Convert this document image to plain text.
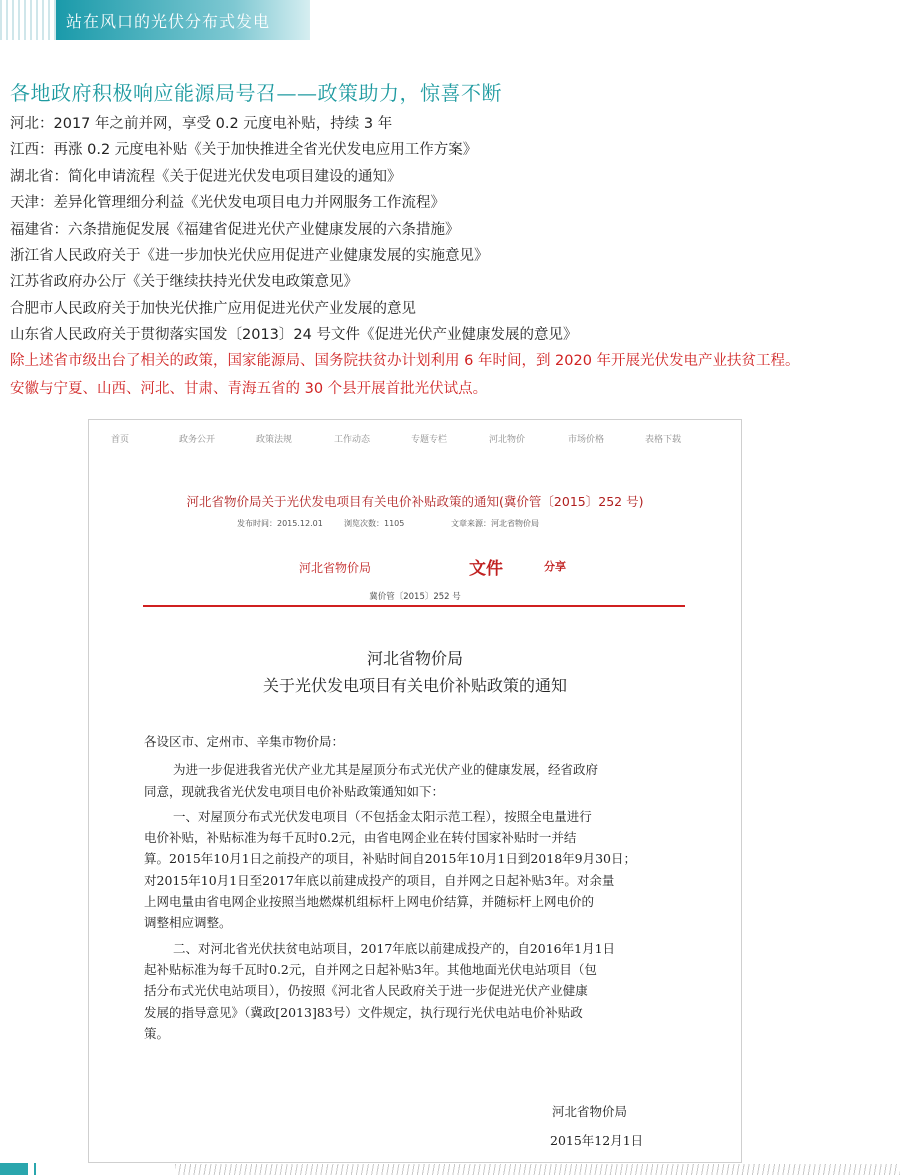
站在风口的光伏分布式发电
各地政府积极响应能源局号召——政策助力，惊喜不断
河北：2017 年之前并网，享受 0.2 元度电补贴，持续 3 年
江西：再涨 0.2 元度电补贴《关于加快推进全省光伏发电应用工作方案》
湖北省：简化申请流程《关于促进光伏发电项目建设的通知》
天津：差异化管理细分利益《光伏发电项目电力并网服务工作流程》
福建省：六条措施促发展《福建省促进光伏产业健康发展的六条措施》
浙江省人民政府关于《进一步加快光伏应用促进产业健康发展的实施意见》
江苏省政府办公厅《关于继续扶持光伏发电政策意见》
合肥市人民政府关于加快光伏推广应用促进光伏产业发展的意见
山东省人民政府关于贯彻落实国发〔2013〕24 号文件《促进光伏产业健康发展的意见》
除上述省市级出台了相关的政策，国家能源局、国务院扶贫办计划利用 6 年时间，到 2020 年开展光伏发电产业扶贫工程。
安徽与宁夏、山西、河北、甘肃、青海五省的 30 个县开展首批光伏试点。
首页	政务公开	政策法规	工作动态	专题专栏	河北物价	市场价格	表格下载
河北省物价局关于光伏发电项目有关电价补贴政策的通知(冀价管〔2015〕252 号)
发布时间：2015.12.01	浏览次数：1105	文章来源：河北省物价局
河北省物价局	文件	分享
冀价管〔2015〕252 号
河北省物价局
关于光伏发电项目有关电价补贴政策的通知
各设区市、定州市、辛集市物价局：
为进一步促进我省光伏产业尤其是屋顶分布式光伏产业的健康发展，经省政府
同意，现就我省光伏发电项目电价补贴政策通知如下：
一、对屋顶分布式光伏发电项目（不包括金太阳示范工程），按照全电量进行
电价补贴，补贴标准为每千瓦时0.2元，由省电网企业在转付国家补贴时一并结
算。2015年10月1日之前投产的项目，补贴时间自2015年10月1日到2018年9月30日；
对2015年10月1日至2017年底以前建成投产的项目，自并网之日起补贴3年。对余量
上网电量由省电网企业按照当地燃煤机组标杆上网电价结算，并随标杆上网电价的
调整相应调整。
二、对河北省光伏扶贫电站项目，2017年底以前建成投产的，自2016年1月1日
起补贴标准为每千瓦时0.2元，自并网之日起补贴3年。其他地面光伏电站项目（包
括分布式光伏电站项目），仍按照《河北省人民政府关于进一步促进光伏产业健康
发展的指导意见》（冀政[2013]83号）文件规定，执行现行光伏电站电价补贴政
策。
河北省物价局
2015年12月1日
